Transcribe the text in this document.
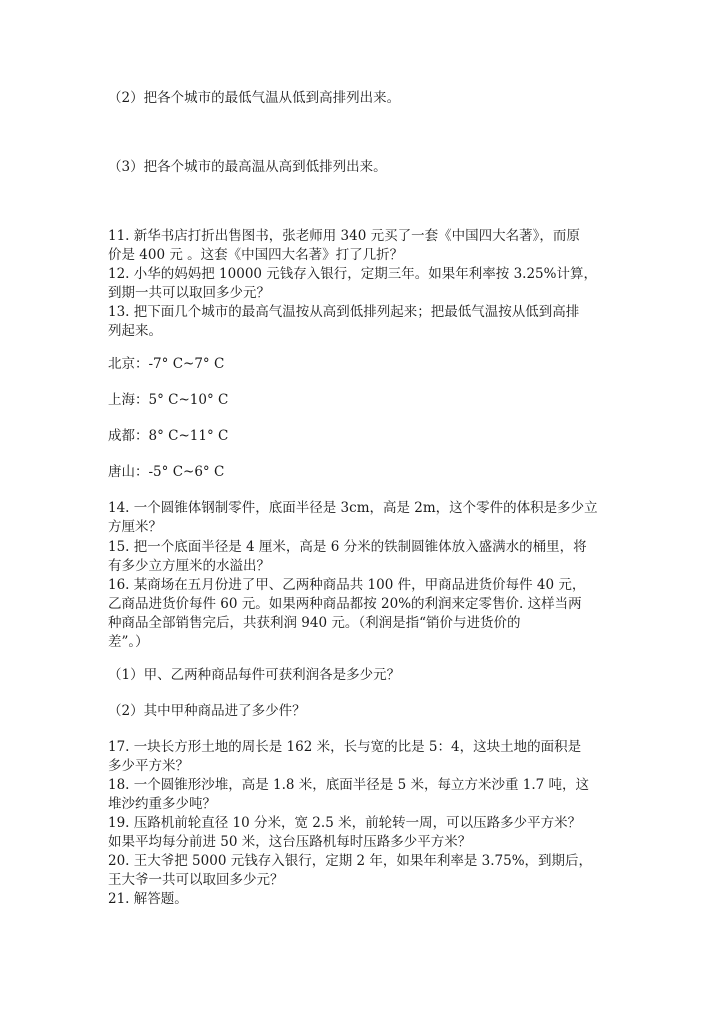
（2）把各个城市的最低气温从低到高排列出来。
（3）把各个城市的最高温从高到低排列出来。
11. 新华书店打折出售图书，张老师用 340 元买了一套《中国四大名著》，而原
价是 400 元 。这套《中国四大名著》打了几折？
12. 小华的妈妈把 10000 元钱存入银行，定期三年。如果年利率按 3.25%计算，
到期一共可以取回多少元？
13. 把下面几个城市的最高气温按从高到低排列起来；把最低气温按从低到高排
列起来。
北京：-7° C~7° C
上海：5° C~10° C
成都：8° C~11° C
唐山：-5° C~6° C
14. 一个圆锥体钢制零件，底面半径是 3cm，高是 2m，这个零件的体积是多少立
方厘米？
15. 把一个底面半径是 4 厘米，高是 6 分米的铁制圆锥体放入盛满水的桶里，将
有多少立方厘米的水溢出？
16. 某商场在五月份进了甲、乙两种商品共 100 件，甲商品进货价每件 40 元，
乙商品进货价每件 60 元。如果两种商品都按 20%的利润来定零售价. 这样当两
种商品全部销售完后，共获利润 940 元。（利润是指“销价与进货价的
差”。）
（1）甲、乙两种商品每件可获利润各是多少元？
（2）其中甲种商品进了多少件？
17. 一块长方形土地的周长是 162 米，长与宽的比是 5：4，这块土地的面积是
多少平方米？
18. 一个圆锥形沙堆，高是 1.8 米，底面半径是 5 米，每立方米沙重 1.7 吨，这
堆沙约重多少吨？
19. 压路机前轮直径 10 分米，宽 2.5 米，前轮转一周，可以压路多少平方米？
如果平均每分前进 50 米，这台压路机每时压路多少平方米？
20. 王大爷把 5000 元钱存入银行，定期 2 年，如果年利率是 3.75%，到期后，
王大爷一共可以取回多少元？
21. 解答题。
